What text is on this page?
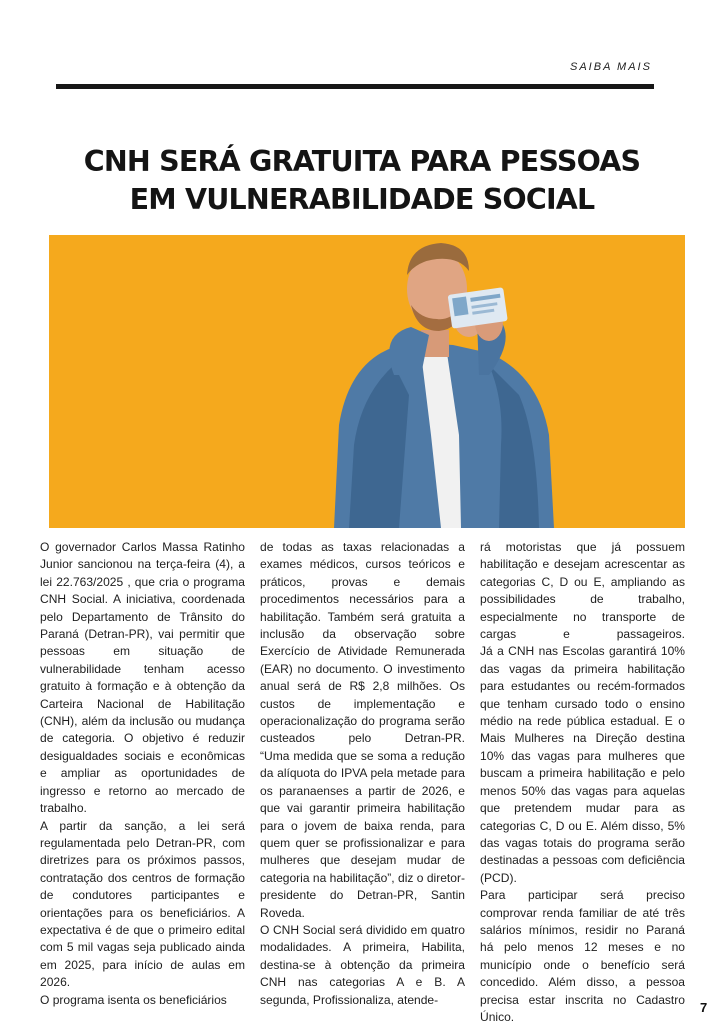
SAIBA MAIS
CNH SERÁ GRATUITA PARA PESSOAS
EM VULNERABILIDADE SOCIAL

O governador Carlos Massa Ratinho Junior sancionou na terça-feira (4), a lei 22.763/2025 , que cria o programa CNH Social. A iniciativa, coordenada pelo Departamento de Trânsito do Paraná (Detran-PR), vai permitir que pessoas em situação de vulnerabilidade tenham acesso gratuito à formação e à obtenção da Carteira Nacional de Habilitação (CNH), além da inclusão ou mudança de categoria. O objetivo é reduzir desigualdades sociais e econômicas e ampliar as oportunidades de ingresso e retorno ao mercado de trabalho.

A partir da sanção, a lei será regulamentada pelo Detran-PR, com diretrizes para os próximos passos, contratação dos centros de formação de condutores participantes e orientações para os beneficiários. A expectativa é de que o primeiro edital com 5 mil vagas seja publicado ainda em 2025, para início de aulas em 2026.

O programa isenta os beneficiários

de todas as taxas relacionadas a exames médicos, cursos teóricos e práticos, provas e demais procedimentos necessários para a habilitação. Também será gratuita a inclusão da observação sobre Exercício de Atividade Remunerada (EAR) no documento. O investimento anual será de R$ 2,8 milhões. Os custos de implementação e operacionalização do programa serão custeados pelo Detran-PR.

“Uma medida que se soma a redução da alíquota do IPVA pela metade para os paranaenses a partir de 2026, e que vai garantir primeira habilitação para o jovem de baixa renda, para quem quer se profissionalizar e para mulheres que desejam mudar de categoria na habilitação”, diz o diretor-presidente do Detran-PR, Santin Roveda.

O CNH Social será dividido em quatro modalidades. A primeira, Habilita, destina-se à obtenção da primeira CNH nas categorias A e B. A segunda, Profissionaliza, atende-

rá motoristas que já possuem habilitação e desejam acrescentar as categorias C, D ou E, ampliando as possibilidades de trabalho, especialmente no transporte de cargas e passageiros.

Já a CNH nas Escolas garantirá 10% das vagas da primeira habilitação para estudantes ou recém-formados que tenham cursado todo o ensino médio na rede pública estadual. E o Mais Mulheres na Direção destina 10% das vagas para mulheres que buscam a primeira habilitação e pelo menos 50% das vagas para aquelas que pretendem mudar para as categorias C, D ou E. Além disso, 5% das vagas totais do programa serão destinadas a pessoas com deficiência (PCD).

Para participar será preciso comprovar renda familiar de até três salários mínimos, residir no Paraná há pelo menos 12 meses e no município onde o benefício será concedido. Além disso, a pessoa precisa estar inscrita no Cadastro Único.

7
